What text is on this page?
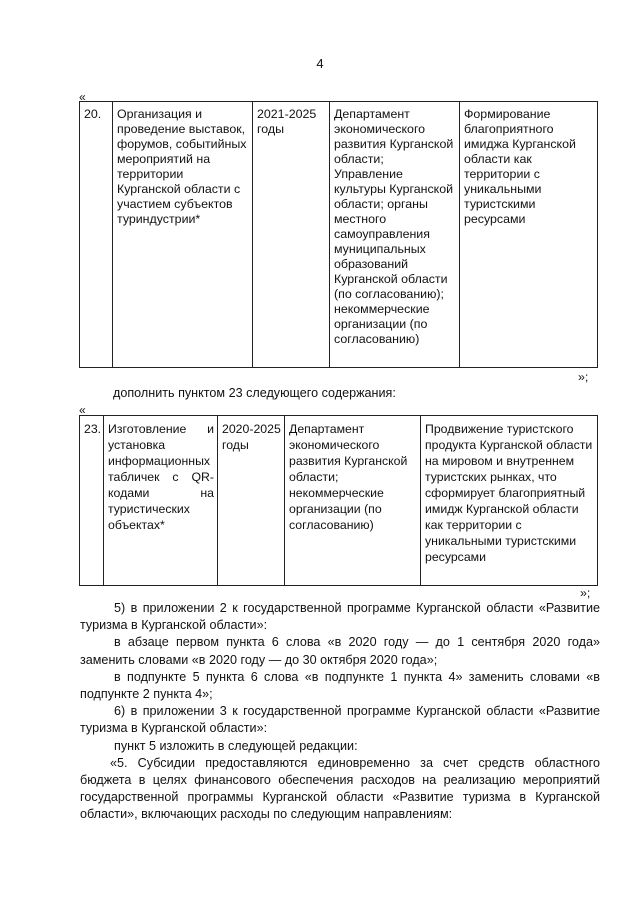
4
«
20.	Организация и проведение выставок, форумов, событийных мероприятий на территории Курганской области с участием субъектов туриндустрии*	2021-2025 годы	Департамент экономического развития Курганской области; Управление культуры Курганской области; органы местного самоуправления муниципальных образований Курганской области (по согласованию); некоммерческие организации (по согласованию)	Формирование благоприятного имиджа Курганской области как территории с уникальными туристскими ресурсами
»;
дополнить пунктом 23 следующего содержания:
«
23.	Изготовление и установка информационных табличек с QR-кодами на туристических объектах*	2020-2025 годы	Департамент экономического развития Курганской области; некоммерческие организации (по согласованию)	Продвижение туристского продукта Курганской области на мировом и внутреннем туристских рынках, что сформирует благоприятный имидж Курганской области как территории с уникальными туристскими ресурсами
»;

5) в приложении 2 к государственной программе Курганской области «Развитие туризма в Курганской области»:

в абзаце первом пункта 6 слова «в 2020 году — до 1 сентября 2020 года» заменить словами «в 2020 году — до 30 октября 2020 года»;

в подпункте 5 пункта 6 слова «в подпункте 1 пункта 4» заменить словами «в подпункте 2 пункта 4»;

6) в приложении 3 к государственной программе Курганской области «Развитие туризма в Курганской области»:

пункт 5 изложить в следующей редакции:

«5. Субсидии предоставляются единовременно за счет средств областного бюджета в целях финансового обеспечения расходов на реализацию мероприятий государственной программы Курганской области «Развитие туризма в Курганской области», включающих расходы по следующим направлениям:
